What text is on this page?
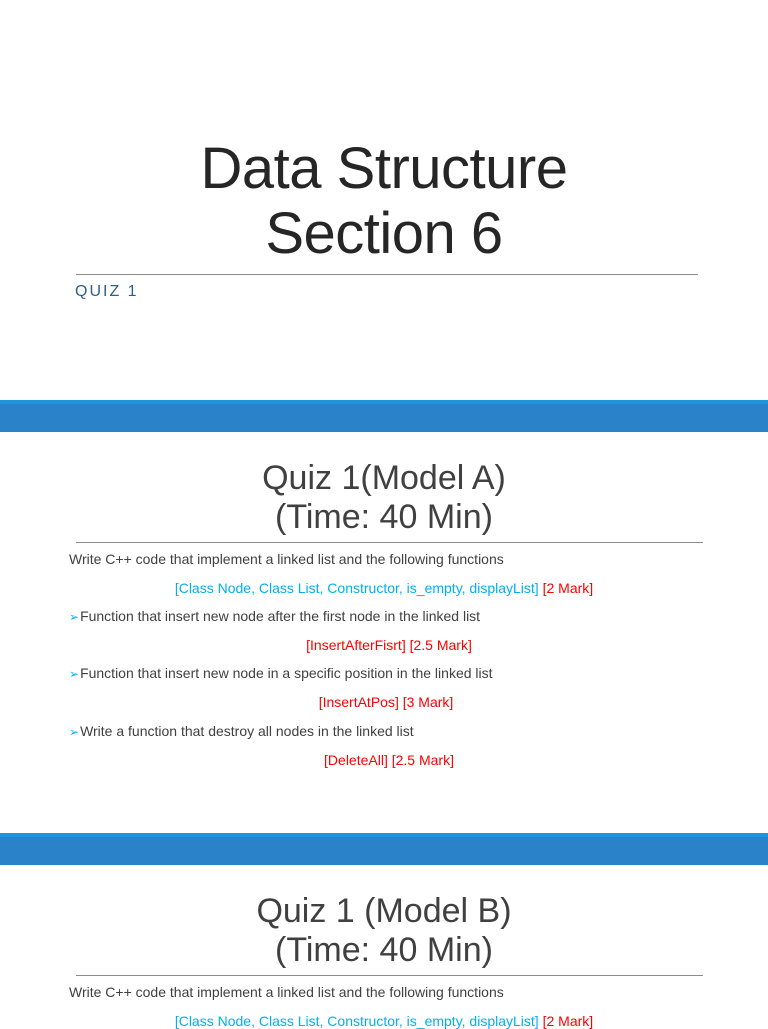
Data Structure
Section 6
QUIZ 1
Quiz 1(Model A)
(Time: 40 Min)
Write C++ code that implement a linked list and the following functions
[Class Node, Class List, Constructor, is_empty, displayList] [2 Mark]
➢Function that insert new node after the first node in the linked list
[InsertAfterFisrt] [2.5 Mark]
➢Function that insert new node in a specific position in the linked list
[InsertAtPos] [3 Mark]
➢Write a function that destroy all nodes in the linked list
[DeleteAll] [2.5 Mark]
Quiz 1 (Model B)
(Time: 40 Min)
Write C++ code that implement a linked list and the following functions
[Class Node, Class List, Constructor, is_empty, displayList] [2 Mark]
